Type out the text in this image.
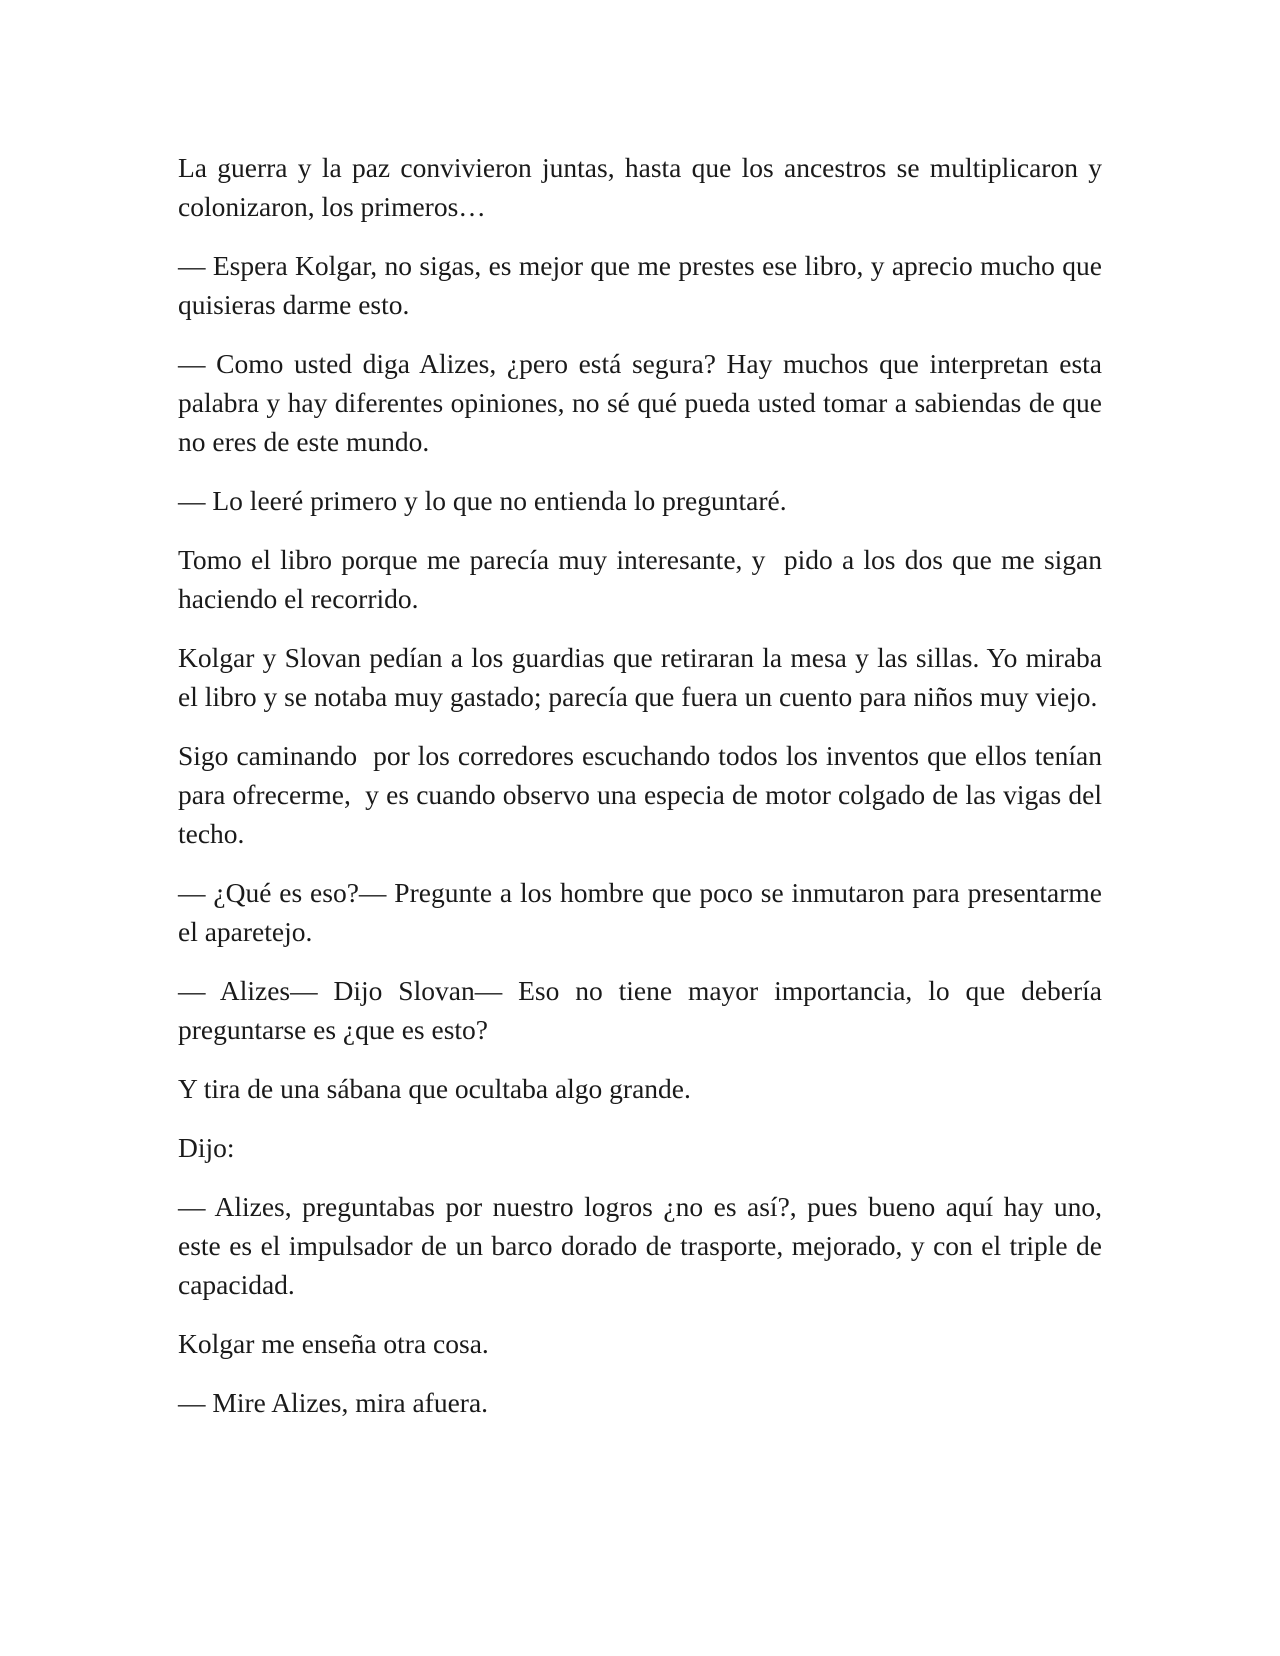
La guerra y la paz convivieron juntas, hasta que los ancestros se multiplicaron y colonizaron, los primeros…

— Espera Kolgar, no sigas, es mejor que me prestes ese libro, y aprecio mucho que quisieras darme esto.

— Como usted diga Alizes, ¿pero está segura? Hay muchos que interpretan esta palabra y hay diferentes opiniones, no sé qué pueda usted tomar a sabiendas de que no eres de este mundo.

— Lo leeré primero y lo que no entienda lo preguntaré.

Tomo el libro porque me parecía muy interesante, y  pido a los dos que me sigan haciendo el recorrido.

Kolgar y Slovan pedían a los guardias que retiraran la mesa y las sillas. Yo miraba el libro y se notaba muy gastado; parecía que fuera un cuento para niños muy viejo.

Sigo caminando  por los corredores escuchando todos los inventos que ellos tenían para ofrecerme,  y es cuando observo una especia de motor colgado de las vigas del techo.

— ¿Qué es eso?— Pregunte a los hombre que poco se inmutaron para presentarme el aparetejo.

— Alizes— Dijo Slovan— Eso no tiene mayor importancia, lo que debería preguntarse es ¿que es esto?

Y tira de una sábana que ocultaba algo grande.

Dijo:

— Alizes, preguntabas por nuestro logros ¿no es así?, pues bueno aquí hay uno, este es el impulsador de un barco dorado de trasporte, mejorado, y con el triple de capacidad.

Kolgar me enseña otra cosa.

— Mire Alizes, mira afuera.
